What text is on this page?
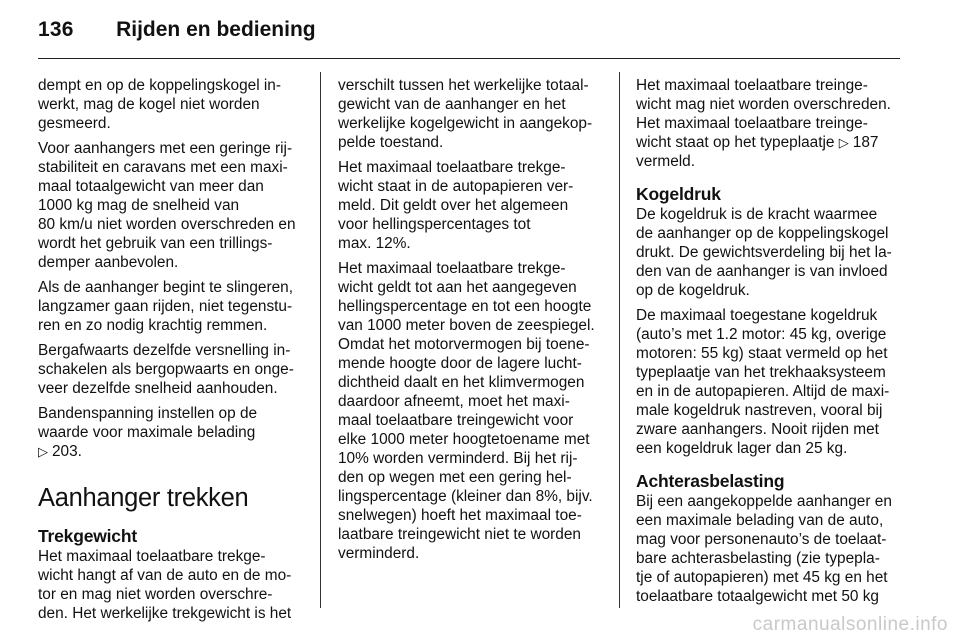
136 Rijden en bediening
dempt en op de koppelingskogel in-
werkt, mag de kogel niet worden
gesmeerd.
Voor aanhangers met een geringe rij-
stabiliteit en caravans met een maxi-
maal totaalgewicht van meer dan
1000 kg mag de snelheid van
80 km/u niet worden overschreden en
wordt het gebruik van een trillings-
demper aanbevolen.
Als de aanhanger begint te slingeren,
langzamer gaan rijden, niet tegenstu-
ren en zo nodig krachtig remmen.
Bergafwaarts dezelfde versnelling in-
schakelen als bergopwaarts en onge-
veer dezelfde snelheid aanhouden.
Bandenspanning instellen op de
waarde voor maximale belading
▷ 203.
Aanhanger trekken
Trekgewicht
Het maximaal toelaatbare trekge-
wicht hangt af van de auto en de mo-
tor en mag niet worden overschre-
den. Het werkelijke trekgewicht is het
verschilt tussen het werkelijke totaal-
gewicht van de aanhanger en het
werkelijke kogelgewicht in aangekop-
pelde toestand.
Het maximaal toelaatbare trekge-
wicht staat in de autopapieren ver-
meld. Dit geldt over het algemeen
voor hellingspercentages tot
max. 12%.
Het maximaal toelaatbare trekge-
wicht geldt tot aan het aangegeven
hellingspercentage en tot een hoogte
van 1000 meter boven de zeespiegel.
Omdat het motorvermogen bij toene-
mende hoogte door de lagere lucht-
dichtheid daalt en het klimvermogen
daardoor afneemt, moet het maxi-
maal toelaatbare treingewicht voor
elke 1000 meter hoogtetoename met
10% worden verminderd. Bij het rij-
den op wegen met een gering hel-
lingspercentage (kleiner dan 8%, bijv.
snelwegen) hoeft het maximaal toe-
laatbare treingewicht niet te worden
verminderd.
Het maximaal toelaatbare treinge-
wicht mag niet worden overschreden.
Het maximaal toelaatbare treinge-
wicht staat op het typeplaatje ▷ 187
vermeld.
Kogeldruk
De kogeldruk is de kracht waarmee
de aanhanger op de koppelingskogel
drukt. De gewichtsverdeling bij het la-
den van de aanhanger is van invloed
op de kogeldruk.
De maximaal toegestane kogeldruk
(auto’s met 1.2 motor: 45 kg, overige
motoren: 55 kg) staat vermeld op het
typeplaatje van het trekhaaksysteem
en in de autopapieren. Altijd de maxi-
male kogeldruk nastreven, vooral bij
zware aanhangers. Nooit rijden met
een kogeldruk lager dan 25 kg.
Achterasbelasting
Bij een aangekoppelde aanhanger en
een maximale belading van de auto,
mag voor personenauto’s de toelaat-
bare achterasbelasting (zie typepla-
tje of autopapieren) met 45 kg en het
toelaatbare totaalgewicht met 50 kg
carmanualsonline.info
